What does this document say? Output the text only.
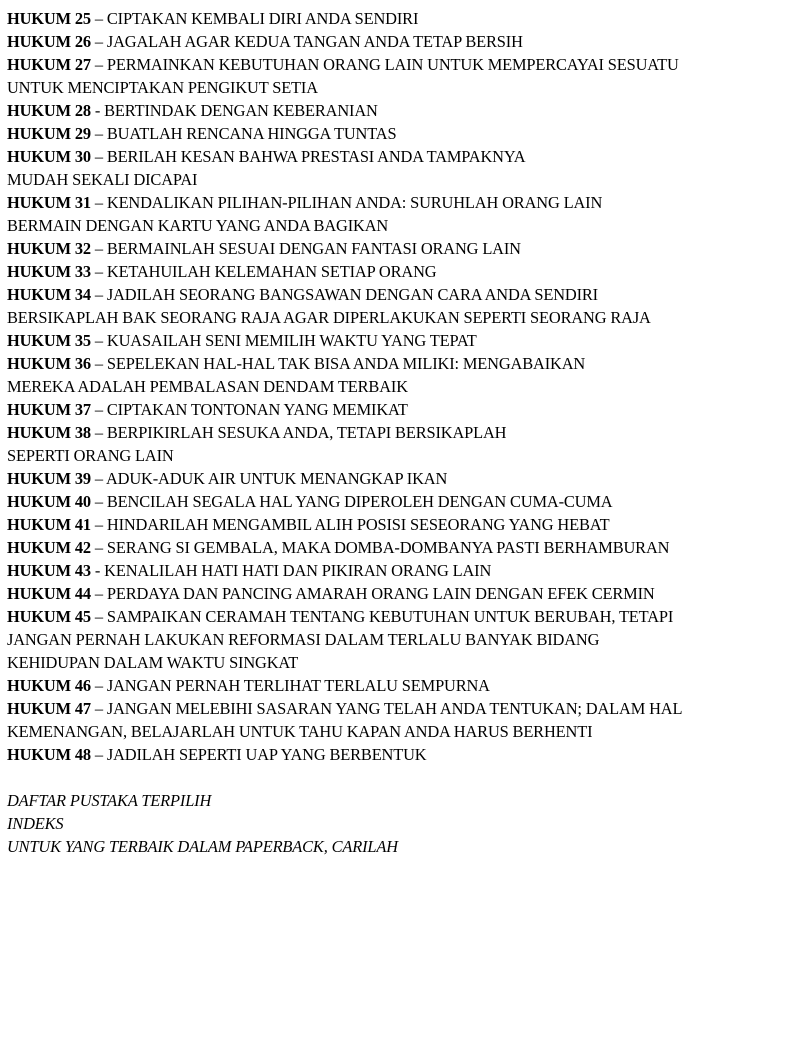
HUKUM 25 – CIPTAKAN KEMBALI DIRI ANDA SENDIRI
HUKUM 26 – JAGALAH AGAR KEDUA TANGAN ANDA TETAP BERSIH
HUKUM 27 – PERMAINKAN KEBUTUHAN ORANG LAIN UNTUK MEMPERCAYAI SESUATU
UNTUK MENCIPTAKAN PENGIKUT SETIA
HUKUM 28 - BERTINDAK DENGAN KEBERANIAN
HUKUM 29 – BUATLAH RENCANA HINGGA TUNTAS
HUKUM 30 – BERILAH KESAN BAHWA PRESTASI ANDA TAMPAKNYA
MUDAH SEKALI DICAPAI
HUKUM 31 – KENDALIKAN PILIHAN-PILIHAN ANDA: SURUHLAH ORANG LAIN
BERMAIN DENGAN KARTU YANG ANDA BAGIKAN
HUKUM 32 – BERMAINLAH SESUAI DENGAN FANTASI ORANG LAIN
HUKUM 33 – KETAHUILAH KELEMAHAN SETIAP ORANG
HUKUM 34 – JADILAH SEORANG BANGSAWAN DENGAN CARA ANDA SENDIRI
BERSIKAPLAH BAK SEORANG RAJA AGAR DIPERLAKUKAN SEPERTI SEORANG RAJA
HUKUM 35 – KUASAILAH SENI MEMILIH WAKTU YANG TEPAT
HUKUM 36 – SEPELEKAN HAL-HAL TAK BISA ANDA MILIKI: MENGABAIKAN
MEREKA ADALAH PEMBALASAN DENDAM TERBAIK
HUKUM 37 – CIPTAKAN TONTONAN YANG MEMIKAT
HUKUM 38 – BERPIKIRLAH SESUKA ANDA, TETAPI BERSIKAPLAH
SEPERTI ORANG LAIN
HUKUM 39 – ADUK-ADUK AIR UNTUK MENANGKAP IKAN
HUKUM 40 – BENCILAH SEGALA HAL YANG DIPEROLEH DENGAN CUMA-CUMA
HUKUM 41 – HINDARILAH MENGAMBIL ALIH POSISI SESEORANG YANG HEBAT
HUKUM 42 – SERANG SI GEMBALA, MAKA DOMBA-DOMBANYA PASTI BERHAMBURAN
HUKUM 43 - KENALILAH HATI HATI DAN PIKIRAN ORANG LAIN
HUKUM 44 – PERDAYA DAN PANCING AMARAH ORANG LAIN DENGAN EFEK CERMIN
HUKUM 45 – SAMPAIKAN CERAMAH TENTANG KEBUTUHAN UNTUK BERUBAH, TETAPI
JANGAN PERNAH LAKUKAN REFORMASI DALAM TERLALU BANYAK BIDANG
KEHIDUPAN DALAM WAKTU SINGKAT
HUKUM 46 – JANGAN PERNAH TERLIHAT TERLALU SEMPURNA
HUKUM 47 – JANGAN MELEBIHI SASARAN YANG TELAH ANDA TENTUKAN; DALAM HAL
KEMENANGAN, BELAJARLAH UNTUK TAHU KAPAN ANDA HARUS BERHENTI
HUKUM 48 – JADILAH SEPERTI UAP YANG BERBENTUK
DAFTAR PUSTAKA TERPILIH
INDEKS
UNTUK YANG TERBAIK DALAM PAPERBACK, CARILAH
